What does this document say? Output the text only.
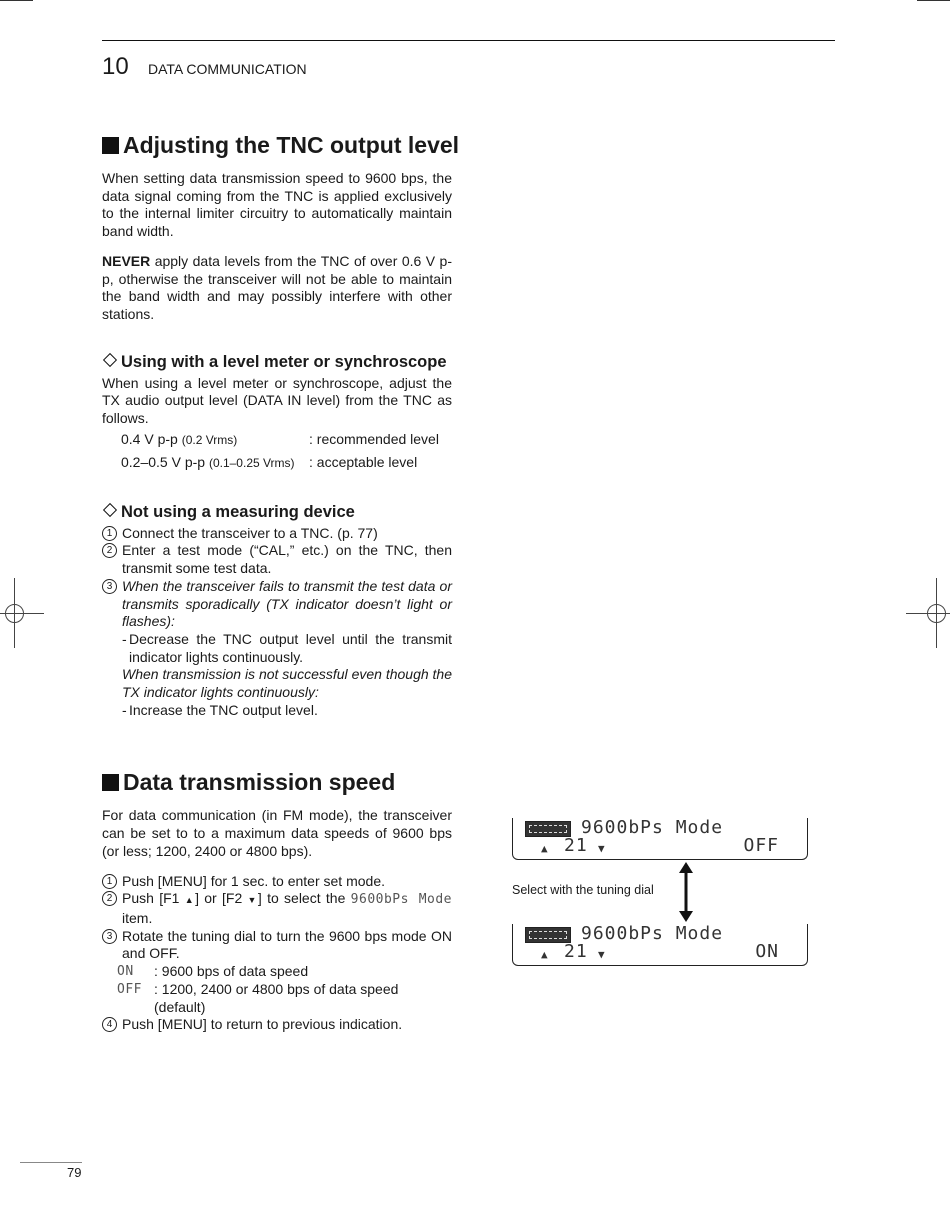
10 DATA COMMUNICATION
Adjusting the TNC output level

When setting data transmission speed to 9600 bps, the data signal coming from the TNC is applied exclusively to the internal limiter circuitry to automatically maintain band width.

NEVER apply data levels from the TNC of over 0.6 V p-p, otherwise the transceiver will not be able to maintain the band width and may possibly interfere with other stations.

Using with a level meter or synchroscope

When using a level meter or synchroscope, adjust the TX audio output level (DATA IN level) from the TNC as follows.

0.4 V p-p (0.2 Vrms)	: recommended level
0.2–0.5 V p-p (0.1–0.25 Vrms)	: acceptable level
Not using a measuring device
1 Connect the transceiver to a TNC. (p. 77)
2 Enter a test mode (“CAL,” etc.) on the TNC, then transmit some test data.
3 When the transceiver fails to transmit the test data or transmits sporadically (TX indicator doesn’t light or flashes):
- Decrease the TNC output level until the transmit indicator lights continuously.
When transmission is not successful even though the TX indicator lights continuously:
- Increase the TNC output level.
Data transmission speed

For data communication (in FM mode), the transceiver can be set to to a maximum data speeds of 9600 bps (or less; 1200, 2400 or 4800 bps).

1 Push [MENU] for 1 sec. to enter set mode.
2 Push [F1 ▲] or [F2 ▼] to select the 9600bPs Mode item.
3 Rotate the tuning dial to turn the 9600 bps mode ON and OFF.
ON	: 9600 bps of data speed
OFF : 1200, 2400 or 4800 bps of data speed (default)
4 Push [MENU] to return to previous indication.
9600bPs Mode
▲ 21 ▼	OFF
Select with the tuning dial
9600bPs Mode
▲ 21 ▼	ON
79
